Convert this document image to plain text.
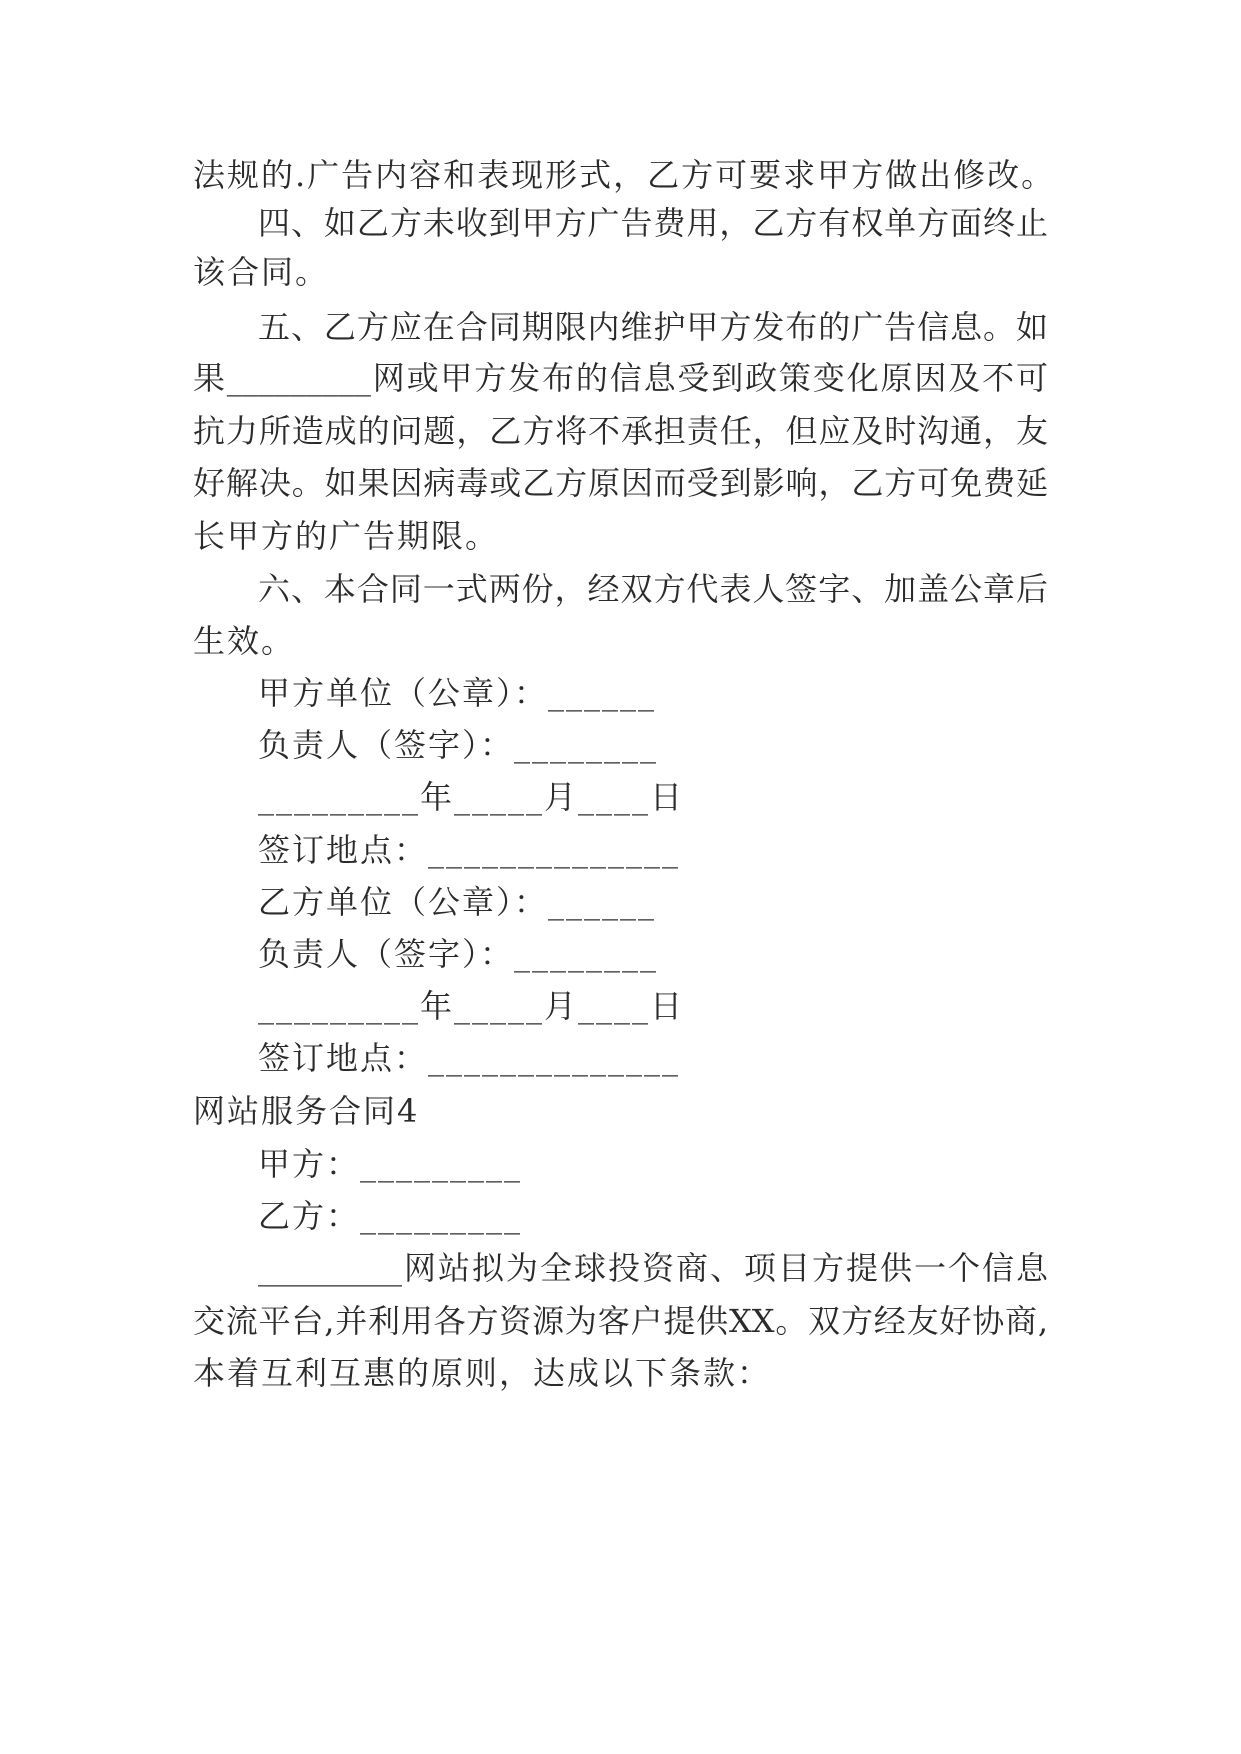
法规的.广告内容和表现形式，乙方可要求甲方做出修改。
四、如乙方未收到甲方广告费用，乙方有权单方面终止
该合同。
五、乙方应在合同期限内维护甲方发布的广告信息。如
果_________网或甲方发布的信息受到政策变化原因及不可
抗力所造成的问题，乙方将不承担责任，但应及时沟通，友
好解决。如果因病毒或乙方原因而受到影响，乙方可免费延
长甲方的广告期限。
六、本合同一式两份，经双方代表人签字、加盖公章后
生效。
甲方单位（公章）：______
负责人（签字）：________
_________年_____月____日
签订地点：______________
乙方单位（公章）：______
负责人（签字）：________
_________年_____月____日
签订地点：______________
网站服务合同4
甲方：_________
乙方：_________
_________网站拟为全球投资商、项目方提供一个信息
交流平台,并利用各方资源为客户提供XX。双方经友好协商,
本着互利互惠的原则，达成以下条款：
